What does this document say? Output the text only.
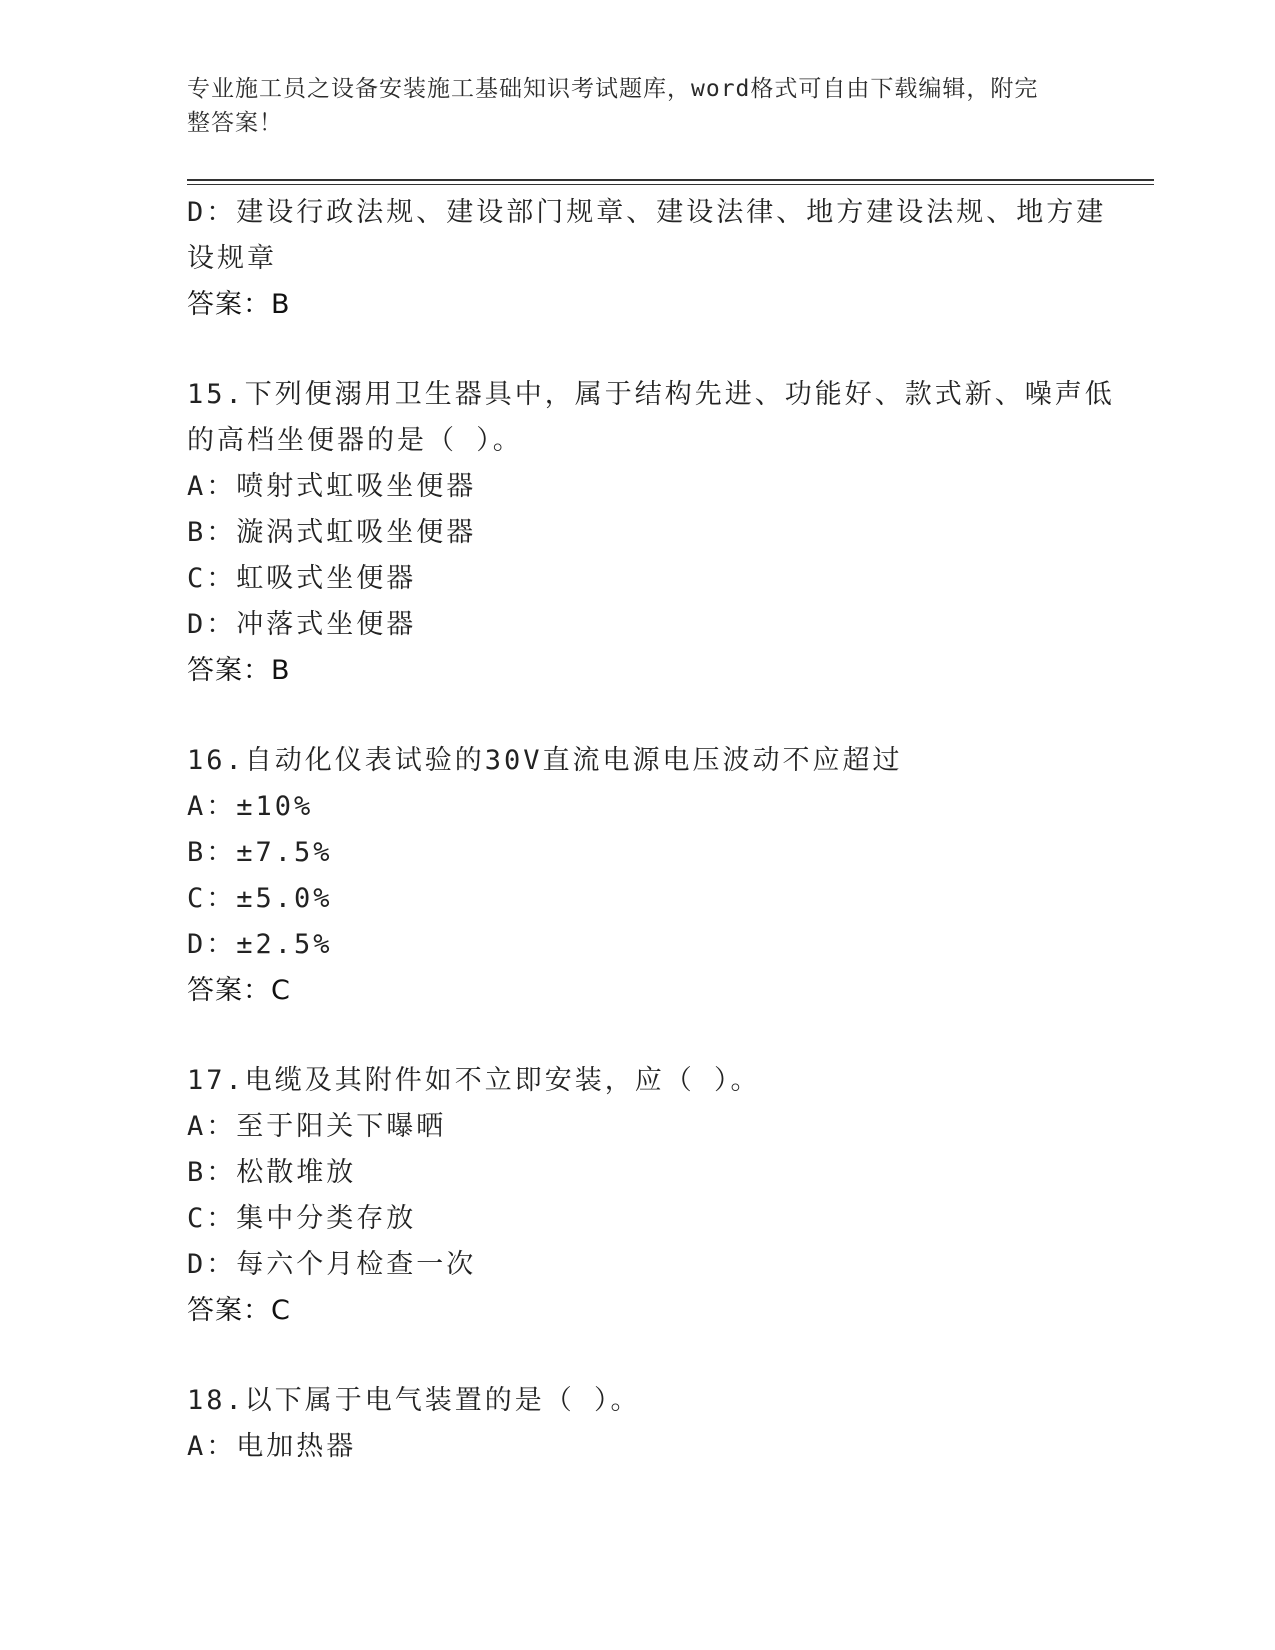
专业施工员之设备安装施工基础知识考试题库，word格式可自由下载编辑，附完
整答案！
D：建设行政法规、建设部门规章、建设法律、地方建设法规、地方建
设规章
答案：B
15.下列便溺用卫生器具中，属于结构先进、功能好、款式新、噪声低
的高档坐便器的是（ ）。
A：喷射式虹吸坐便器
B：漩涡式虹吸坐便器
C：虹吸式坐便器
D：冲落式坐便器
答案：B
16.自动化仪表试验的30V直流电源电压波动不应超过
A：±10%
B：±7.5%
C：±5.0%
D：±2.5%
答案：C
17.电缆及其附件如不立即安装，应（ ）。
A：至于阳关下曝晒
B：松散堆放
C：集中分类存放
D：每六个月检查一次
答案：C
18.以下属于电气装置的是（ ）。
A：电加热器
